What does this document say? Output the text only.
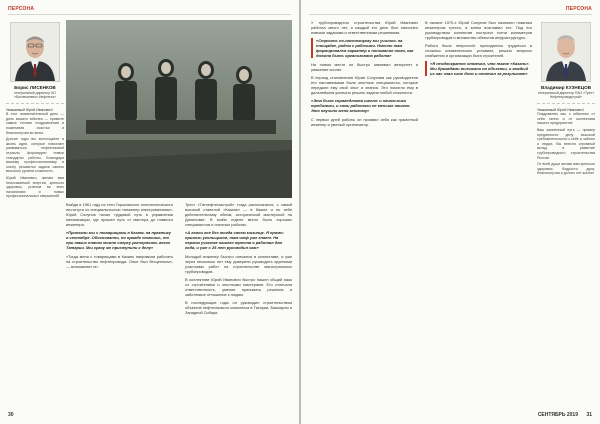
ПЕРСОНА
Борис ЛИСЕНКОВ
генеральный директор АО «Бизнесинвест-Нефтегаз»
Уважаемый Юрий Иванович!

В этот знаменательный день — день вашего юбилея — примите самые теплые поздравления и пожелания счастья и благополучия во всем.

Долгие годы вы воплощаете в жизнь идеи, которые помогают развиваться нефтегазовой отрасли, формируют новые стандарты работы. Благодаря вашему профессионализму и опыту решаются задачи самого высокого уровня сложности.

Юрий Иванович, желаю вам неиссякаемой энергии, крепкого здоровья, успехов во всех начинаниях и новых профессиональных свершений!

Выйдя в 1961 году из стен Горьковского политехнического института со специальностью «инженер-электромеханик», Юрий Солунов начал трудовой путь в управлении механизации, где прошел путь от мастера до главного инженера.

«Приехали мы с товарищами в Казань на практику в сентябре. Обоснованно, по правде помнишь, то при таких планах можно сверху расчертить всего Татарии. Мы сразу же приступили к делу»

«Тогда меня с товарищами в Казань направили работать на строительство нефтепровода. Опыт был бесценным», — вспоминает он.

Трест «Татнефтегазстрой» тогда располагался, с самой высокой стапелой «Казань» — в башне и по себе действительному обеим, исторической мастерской на Даниловке. В моём отделе много было хороших специалистов и опытных рабочих.

«А взяли все без тогда своем мизинце. Я прямо: привози угольщиков, там шеф уже знает. На первом участке нашего треста я работал два года, и уже с 25 лет руководил сам»

Молодой инженер быстро освоился в коллективе, и уже через несколько лет ему доверили руководить крупными участками работ на строительстве магистральных трубопроводов.

В коллективе Юрий Иванович быстро нашел общий язык со строителями и опытными мастерами. Его отличали ответственность, умение принимать решения и заботливое отношение к людям.

В последующие годы он руководил строительством объектов нефтегазового комплекса в Татарии, Башкирии и Западной Сибири.

30
ПЕРСОНА

У трубопроводного строительства Юрий Иванович работал много лет, и каждый его день был наполнен новыми задачами и ответственными решениями.

«Строить по-настоящему мы учились на площадке, рядом с рабочими. Именно там формировался характер и понимание того, как должна быть организована работа»

На новом месте он быстро завоевал авторитет и уважение коллег.

В период становления Юрия Солунова как руководителя его наставниками были опытные специалисты, которые передали ему свой опыт и знания. Это помогло ему в дальнейшем успешно решать задачи любой сложности.

«Эта была справедливая школа: и начальники требовали, и сами работали не меньше нашего. Это научило меня многому»

С первых дней работы он проявил себя как грамотный инженер и умелый организатор.

В начале 1970-х Юрий Солунов был назначен главным инженером треста, а затем возглавил его. Под его руководством коллектив построил сотни километров трубопроводов и множество объектов инфраструктуры.

Работа была непростой: приходилось трудиться в сложных климатических условиях, решать вопросы снабжения и организации быта строителей.

«Я неоднократно отмечал, что такое «Казань». Мы бригадами выезжали на объекты, и каждый из нас знал свое дело и отвечал за результат»
Владимир КУЗНЕЦОВ
генеральный директор ПАО «Трест Нефтепроводстрой»
Уважаемый Юрий Иванович!

Поздравляю вас с юбилеем от себя лично и от коллектива нашего предприятия!

Ваш жизненный путь — пример преданности делу, высокой требовательности к себе и заботы о людях. Вы внесли огромный вклад в развитие трубопроводного строительства России.

От всей души желаю вам крепкого здоровья, бодрости духа, благополучия и долгих лет жизни!

СЕНТЯБРЬ 2019 31
